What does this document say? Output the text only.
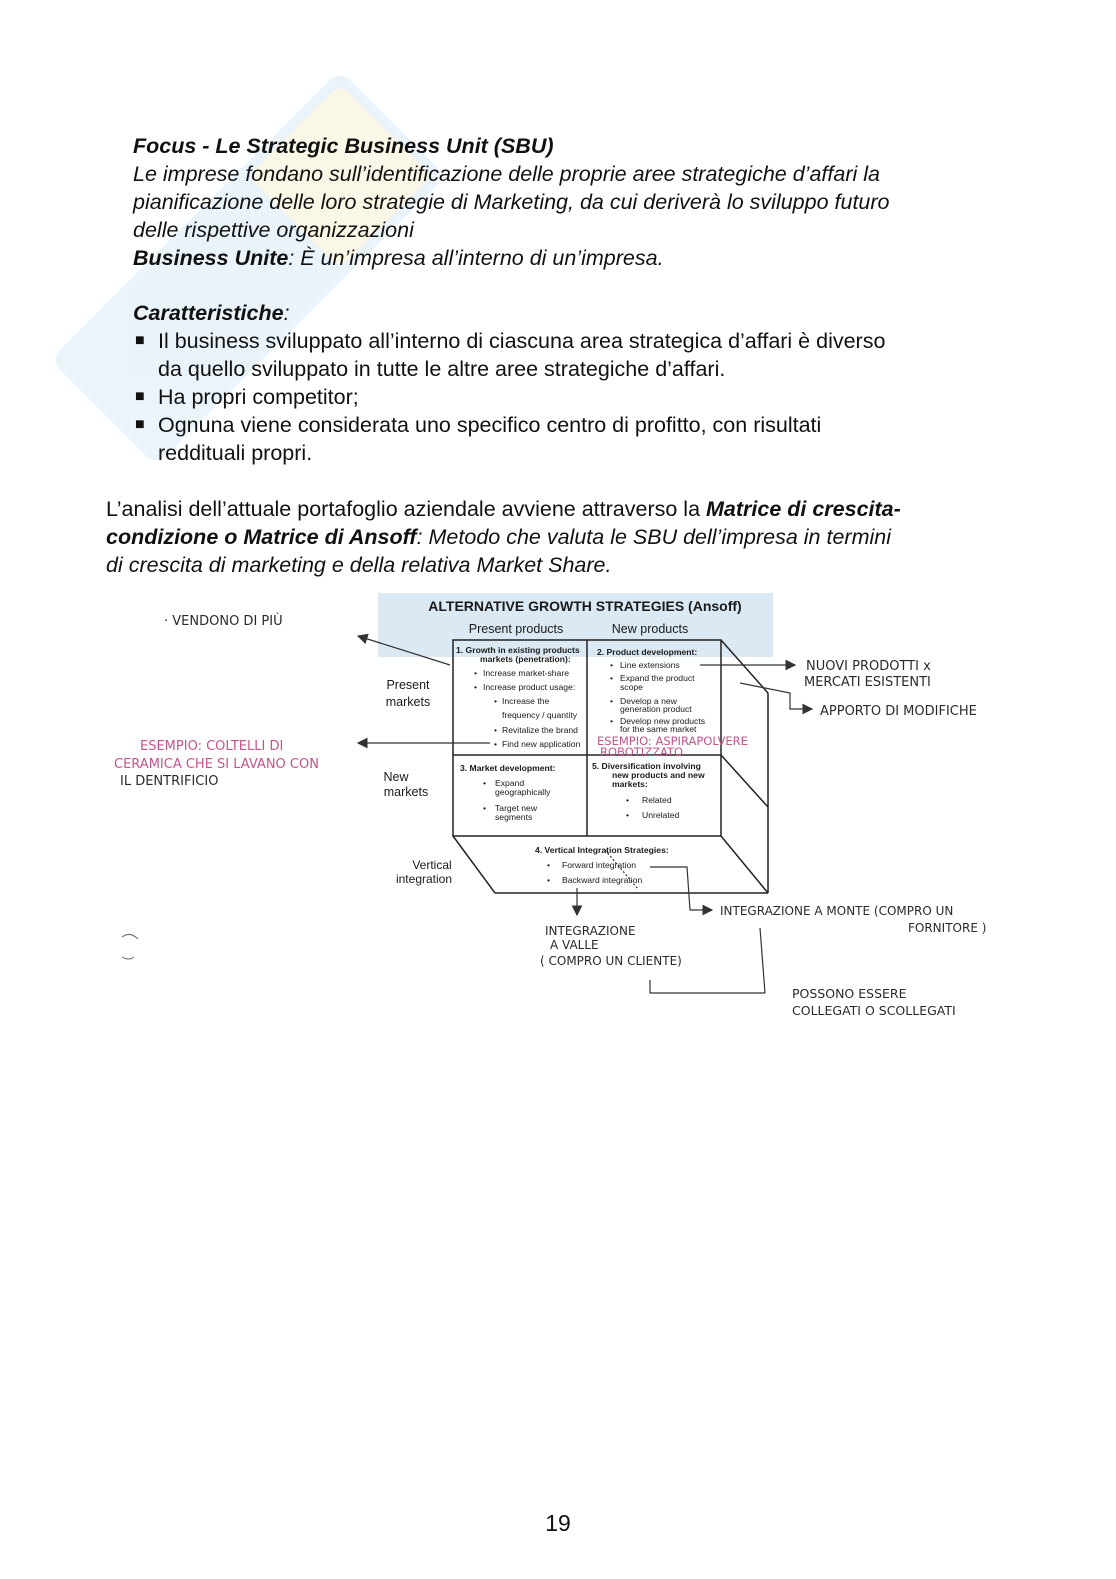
Focus - Le Strategic Business Unit (SBU)
Le imprese fondano sull’identificazione delle proprie aree strategiche d’affari la
pianificazione delle loro strategie di Marketing, da cui deriverà lo sviluppo futuro
delle rispettive organizzazioni
Business Unite: È un’impresa all’interno di un’impresa.
Caratteristiche:
■ Il business sviluppato all’interno di ciascuna area strategica d’affari è diverso
da quello sviluppato in tutte le altre aree strategiche d’affari.
■ Ha propri competitor;
■ Ognuna viene considerata uno specifico centro di profitto, con risultati
reddituali propri.
L’analisi dell’attuale portafoglio aziendale avviene attraverso la Matrice di crescita-
condizione o Matrice di Ansoff: Metodo che valuta le SBU dell’impresa in termini
di crescita di marketing e della relativa Market Share.
ALTERNATIVE GROWTH STRATEGIES (Ansoff)
Present products	New products
Present
markets
New
markets
Vertical
integration
1. Growth in existing products
markets (penetration):
• Increase market-share
• Increase product usage:
• Increase the
frequency / quantity
• Revitalize the brand
• Find new application
2. Product development:
• Line extensions
• Expand the product
scope
• Develop a new
generation product
• Develop new products
for the same market
ESEMPIO: ASPIRAPOLVERE
ROBOTIZZATO
3. Market development:
• Expand
geographically
• Target new
segments
5. Diversification involving
new products and new
markets:
• Related
• Unrelated
4. Vertical Integration Strategies:
• Forward integration
• Backward integration
· VENDONO DI PIÙ
NUOVI PRODOTTI x
MERCATI ESISTENTI
APPORTO DI MODIFICHE
INTEGRAZIONE A MONTE (COMPRO UN
FORNITORE )
INTEGRAZIONE
A VALLE
( COMPRO UN CLIENTE)
POSSONO ESSERE
COLLEGATI O SCOLLEGATI
ESEMPIO: COLTELLI DI
CERAMICA CHE SI LAVANO CON
IL DENTRIFICIO
19
